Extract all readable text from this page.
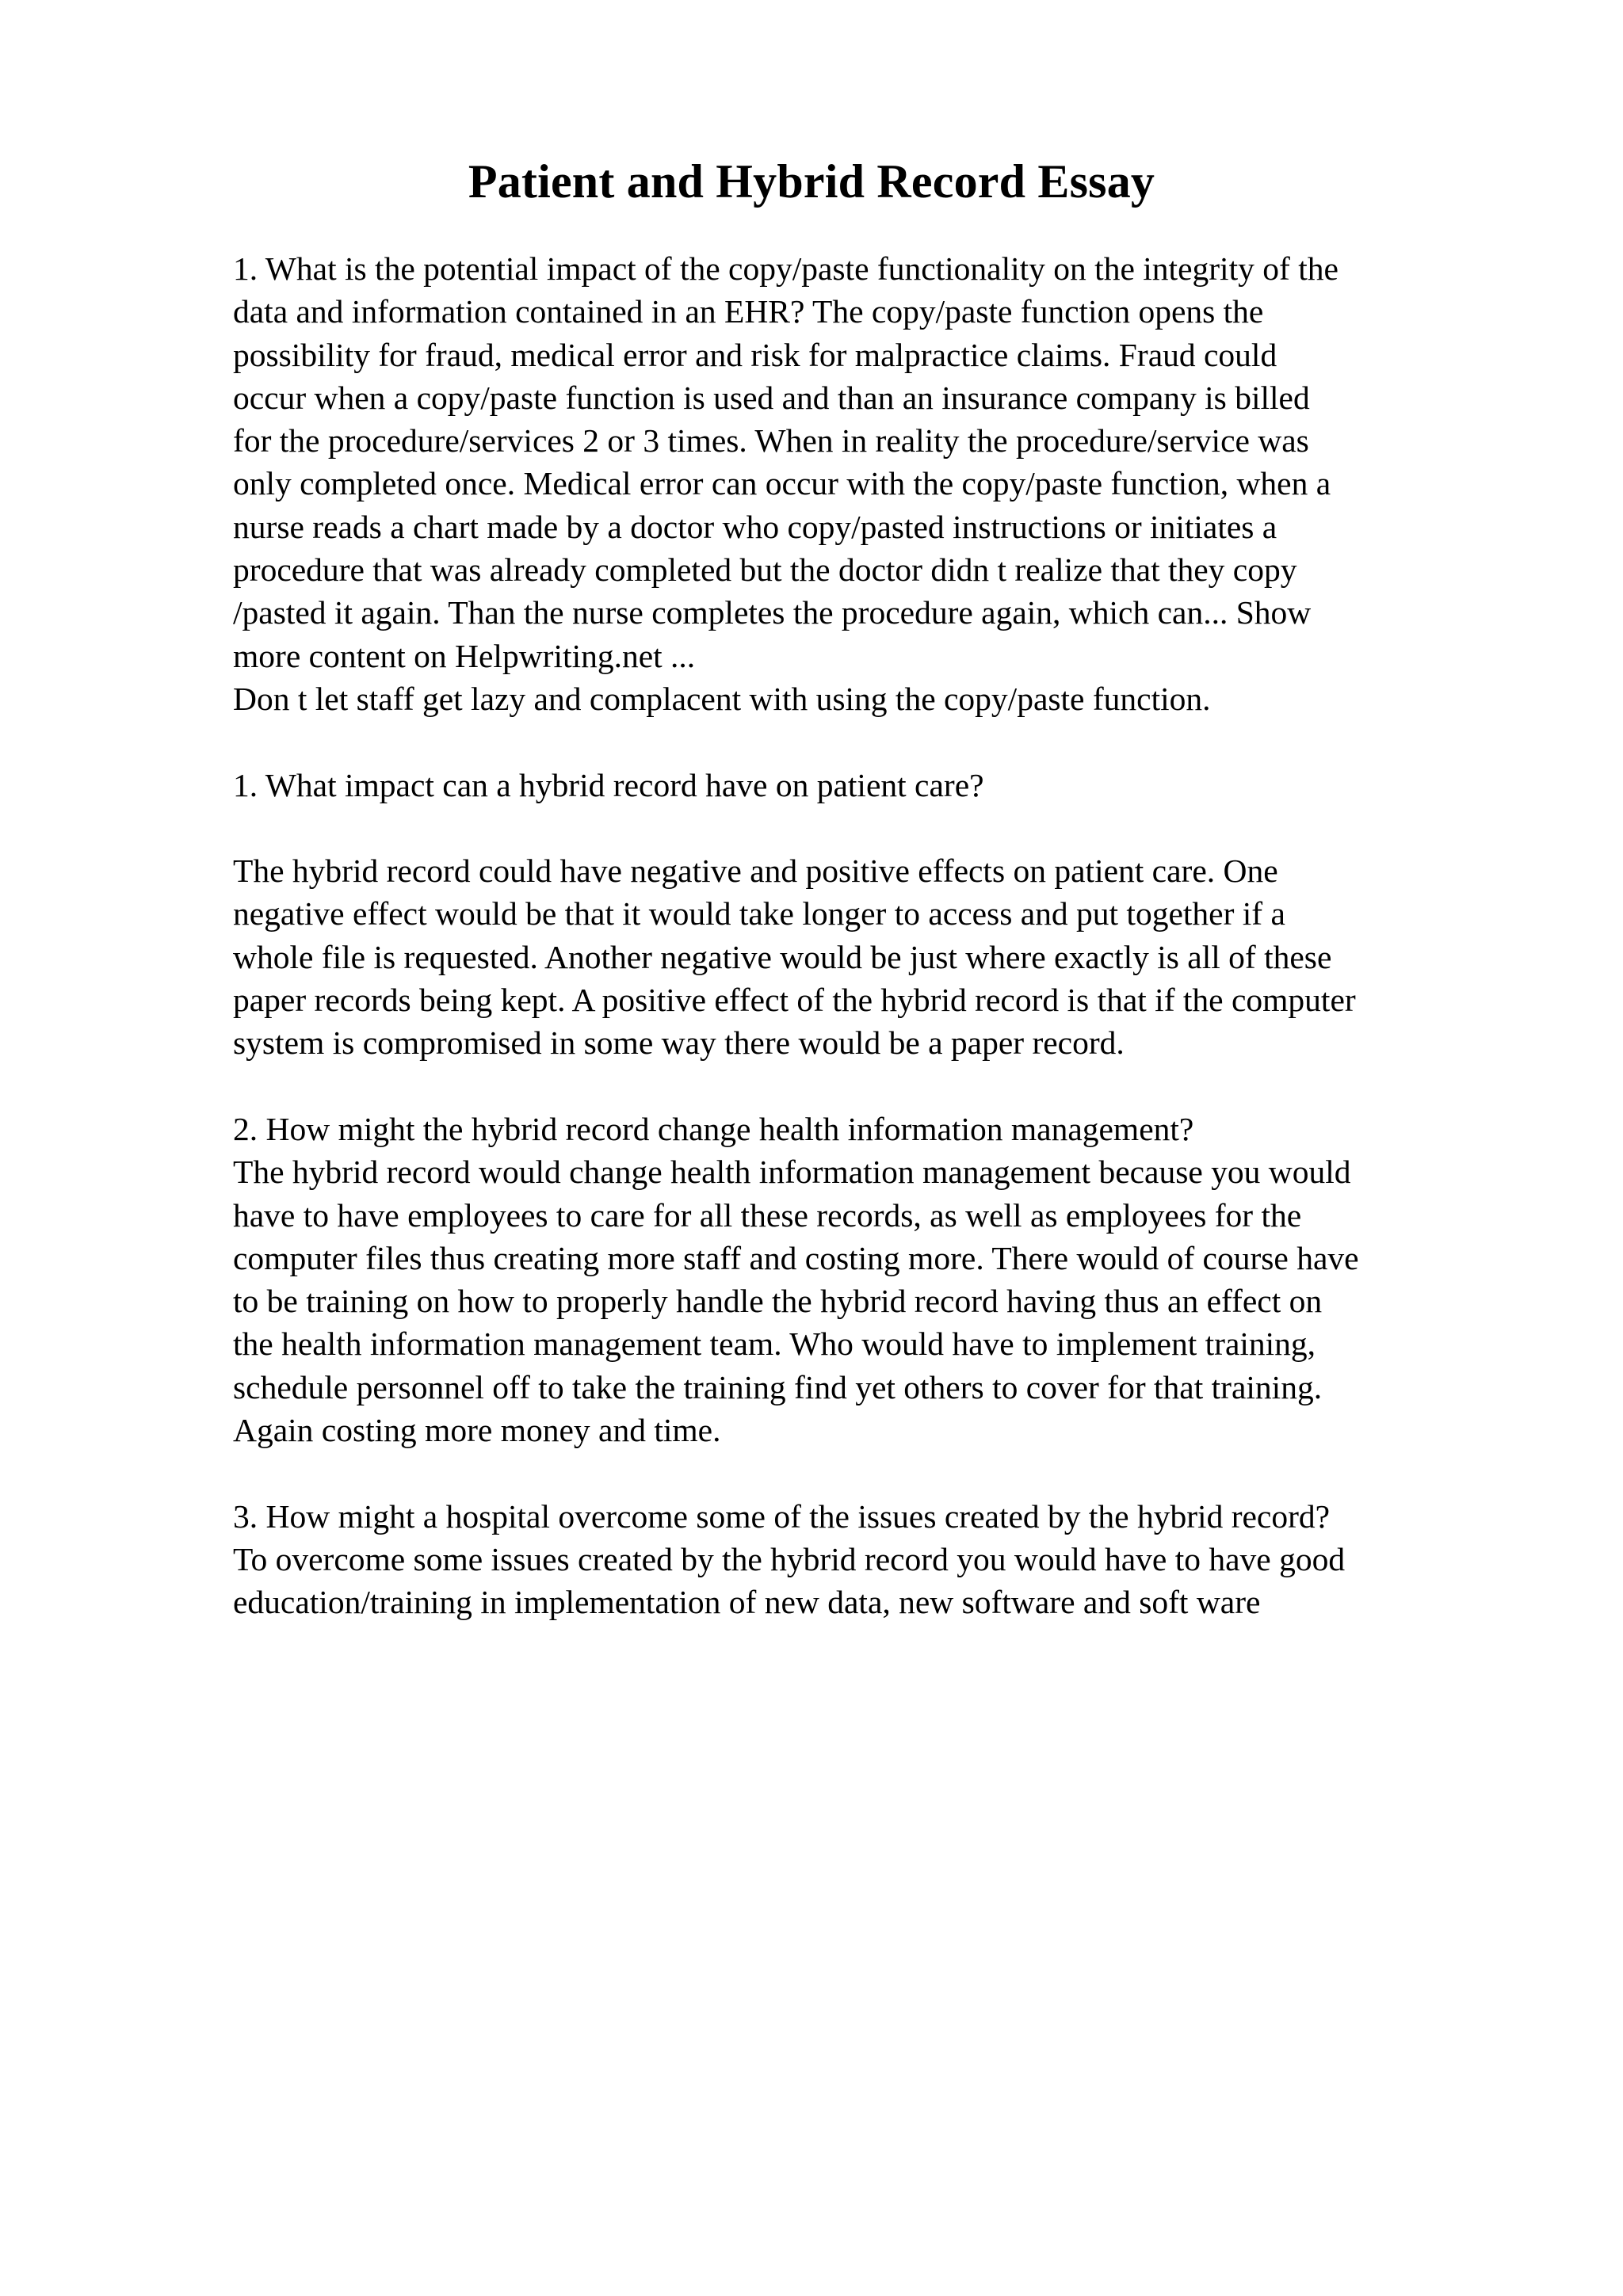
Patient and Hybrid Record Essay
1. What is the potential impact of the copy/paste functionality on the integrity of the
data and information contained in an EHR? The copy/paste function opens the
possibility for fraud, medical error and risk for malpractice claims. Fraud could
occur when a copy/paste function is used and than an insurance company is billed
for the procedure/services 2 or 3 times. When in reality the procedure/service was
only completed once. Medical error can occur with the copy/paste function, when a
nurse reads a chart made by a doctor who copy/pasted instructions or initiates a
procedure that was already completed but the doctor didn t realize that they copy
/pasted it again. Than the nurse completes the procedure again, which can... Show
more content on Helpwriting.net ...
Don t let staff get lazy and complacent with using the copy/paste function.
1. What impact can a hybrid record have on patient care?
The hybrid record could have negative and positive effects on patient care. One
negative effect would be that it would take longer to access and put together if a
whole file is requested. Another negative would be just where exactly is all of these
paper records being kept. A positive effect of the hybrid record is that if the computer
system is compromised in some way there would be a paper record.
2. How might the hybrid record change health information management?
The hybrid record would change health information management because you would
have to have employees to care for all these records, as well as employees for the
computer files thus creating more staff and costing more. There would of course have
to be training on how to properly handle the hybrid record having thus an effect on
the health information management team. Who would have to implement training,
schedule personnel off to take the training find yet others to cover for that training.
Again costing more money and time.
3. How might a hospital overcome some of the issues created by the hybrid record?
To overcome some issues created by the hybrid record you would have to have good
education/training in implementation of new data, new software and soft ware
